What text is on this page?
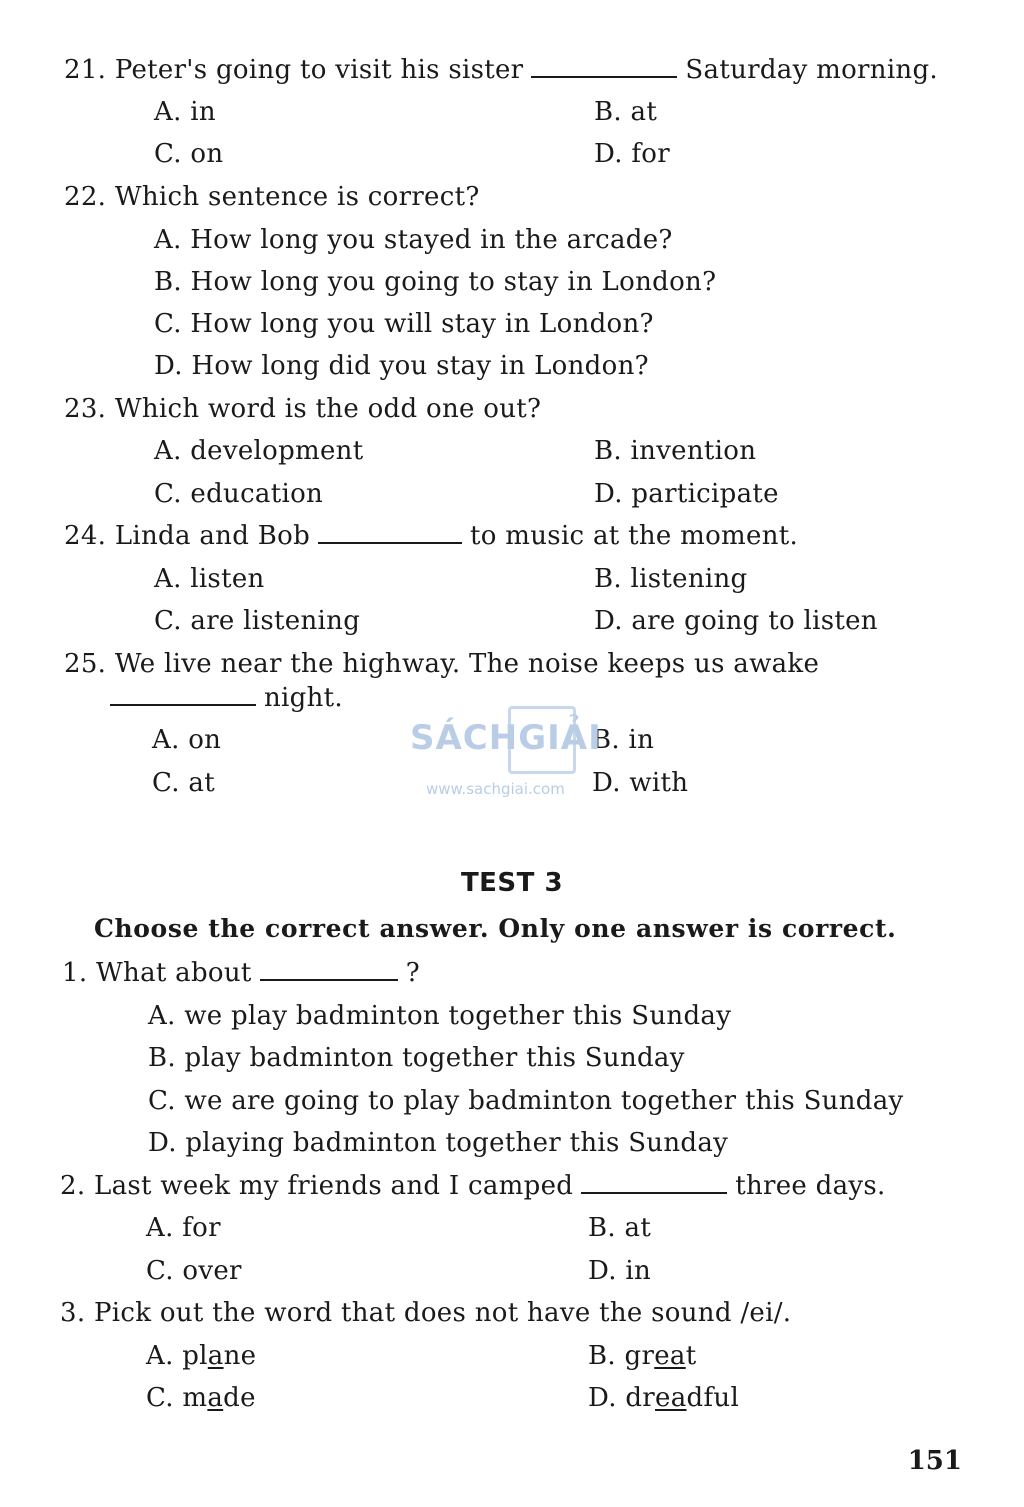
21. Peter's going to visit his sister	Saturday morning.
A. in	B. at
C. on	D. for
22. Which sentence is correct?
A. How long you stayed in the arcade?
B. How long you going to stay in London?
C. How long you will stay in London?
D. How long did you stay in London?
23. Which word is the odd one out?
A. development	B. invention
C. education	D. participate
24. Linda and Bob	to music at the moment.
A. listen	B. listening
C. are listening	D. are going to listen
25. We live near the highway. The noise keeps us awake
night.
A. on	B. in
C. at	D. with
SÁCHGIẢI
www.sachgiai.com
TEST 3
Choose the correct answer. Only one answer is correct.
1. What about	?
A. we play badminton together this Sunday
B. play badminton together this Sunday
C. we are going to play badminton together this Sunday
D. playing badminton together this Sunday
2. Last week my friends and I camped	three days.
A. for	B. at
C. over	D. in
3. Pick out the word that does not have the sound /ei/.
A. plane	B. great
C. made	D. dreadful
151
